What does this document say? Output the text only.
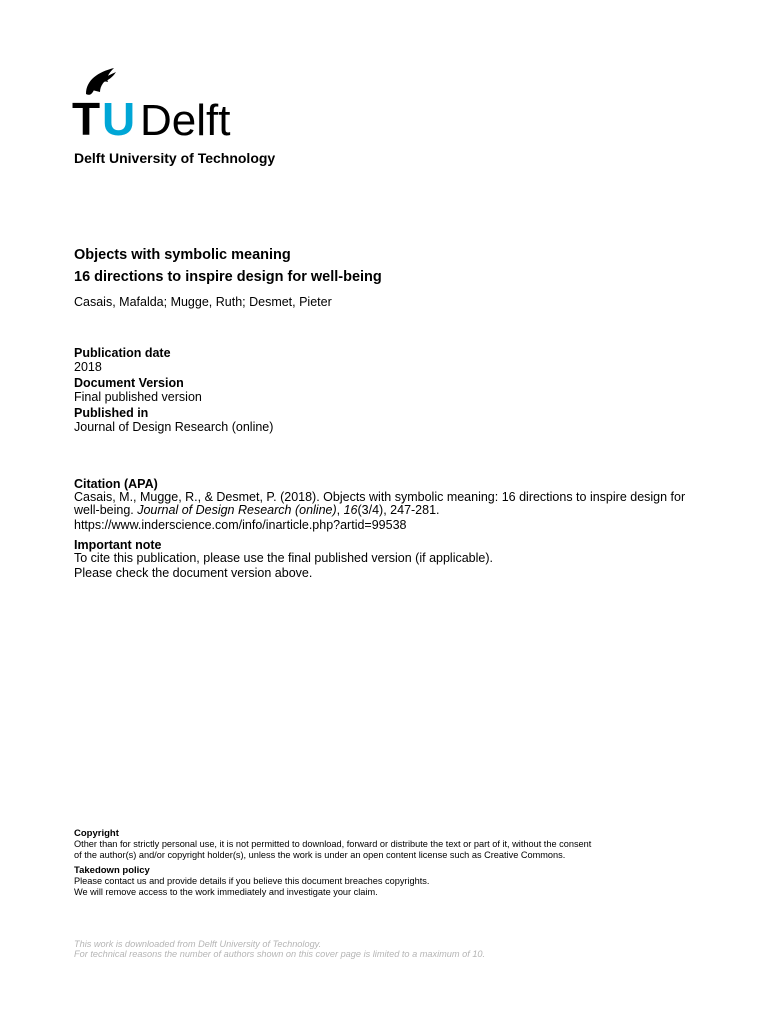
T U Delft
Delft University of Technology
Objects with symbolic meaning
16 directions to inspire design for well-being
Casais, Mafalda; Mugge, Ruth; Desmet, Pieter
Publication date
2018
Document Version
Final published version
Published in
Journal of Design Research (online)
Citation (APA)
Casais, M., Mugge, R., & Desmet, P. (2018). Objects with symbolic meaning: 16 directions to inspire design for well-being. Journal of Design Research (online), 16(3/4), 247-281.
https://www.inderscience.com/info/inarticle.php?artid=99538
Important note
To cite this publication, please use the final published version (if applicable).
Please check the document version above.
Copyright
Other than for strictly personal use, it is not permitted to download, forward or distribute the text or part of it, without the consent
of the author(s) and/or copyright holder(s), unless the work is under an open content license such as Creative Commons.
Takedown policy
Please contact us and provide details if you believe this document breaches copyrights.
We will remove access to the work immediately and investigate your claim.
This work is downloaded from Delft University of Technology.
For technical reasons the number of authors shown on this cover page is limited to a maximum of 10.
